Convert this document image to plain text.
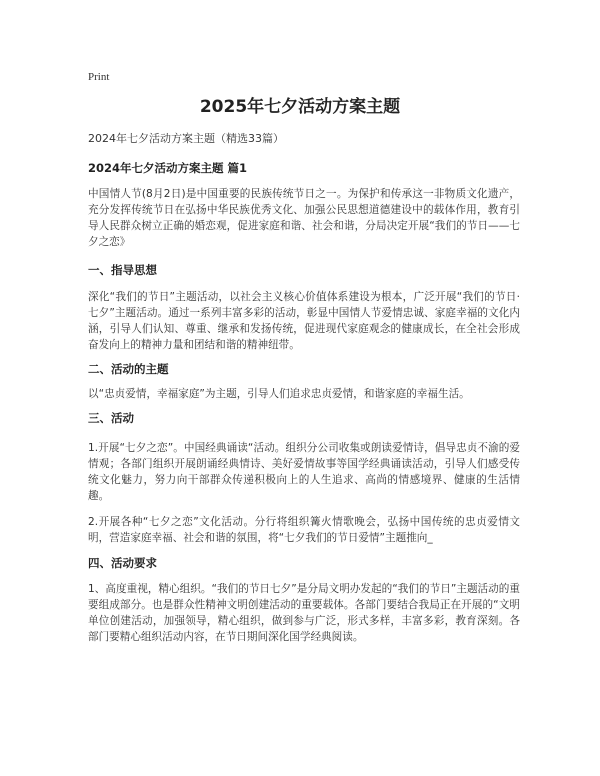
Print
2025年七夕活动方案主题
2024年七夕活动方案主题（精选33篇）
2024年七夕活动方案主题 篇1

中国情人节(8月2日)是中国重要的民族传统节日之一。为保护和传承这一非物质文化遗产，充分发挥传统节日在弘扬中华民族优秀文化、加强公民思想道德建设中的载体作用，教育引导人民群众树立正确的婚恋观，促进家庭和谐、社会和谐，分局决定开展“我们的节日——七夕之恋》

一、指导思想

深化“我们的节日”主题活动，以社会主义核心价值体系建设为根本，广泛开展“我们的节日·七夕”主题活动。通过一系列丰富多彩的活动，彰显中国情人节爱情忠诚、家庭幸福的文化内涵，引导人们认知、尊重、继承和发扬传统，促进现代家庭观念的健康成长，在全社会形成奋发向上的精神力量和团结和谐的精神纽带。

二、活动的主题

以“忠贞爱情，幸福家庭”为主题，引导人们追求忠贞爱情，和谐家庭的幸福生活。

三、活动

1.开展“七夕之恋”。中国经典诵读“活动。组织分公司收集或朗读爱情诗，倡导忠贞不渝的爱情观；各部门组织开展朗诵经典情诗、美好爱情故事等国学经典诵读活动，引导人们感受传统文化魅力，努力向干部群众传递积极向上的人生追求、高尚的情感境界、健康的生活情趣。

2.开展各种“七夕之恋”文化活动。分行将组织篝火情歌晚会，弘扬中国传统的忠贞爱情文明，营造家庭幸福、社会和谐的氛围，将“七夕我们的节日爱情”主题推向_

四、活动要求

1、高度重视，精心组织。“我们的节日七夕”是分局文明办发起的“我们的节日”主题活动的重要组成部分。也是群众性精神文明创建活动的重要载体。各部门要结合我局正在开展的“文明单位创建活动，加强领导，精心组织，做到参与广泛，形式多样，丰富多彩，教育深刻。各部门要精心组织活动内容，在节日期间深化国学经典阅读。
